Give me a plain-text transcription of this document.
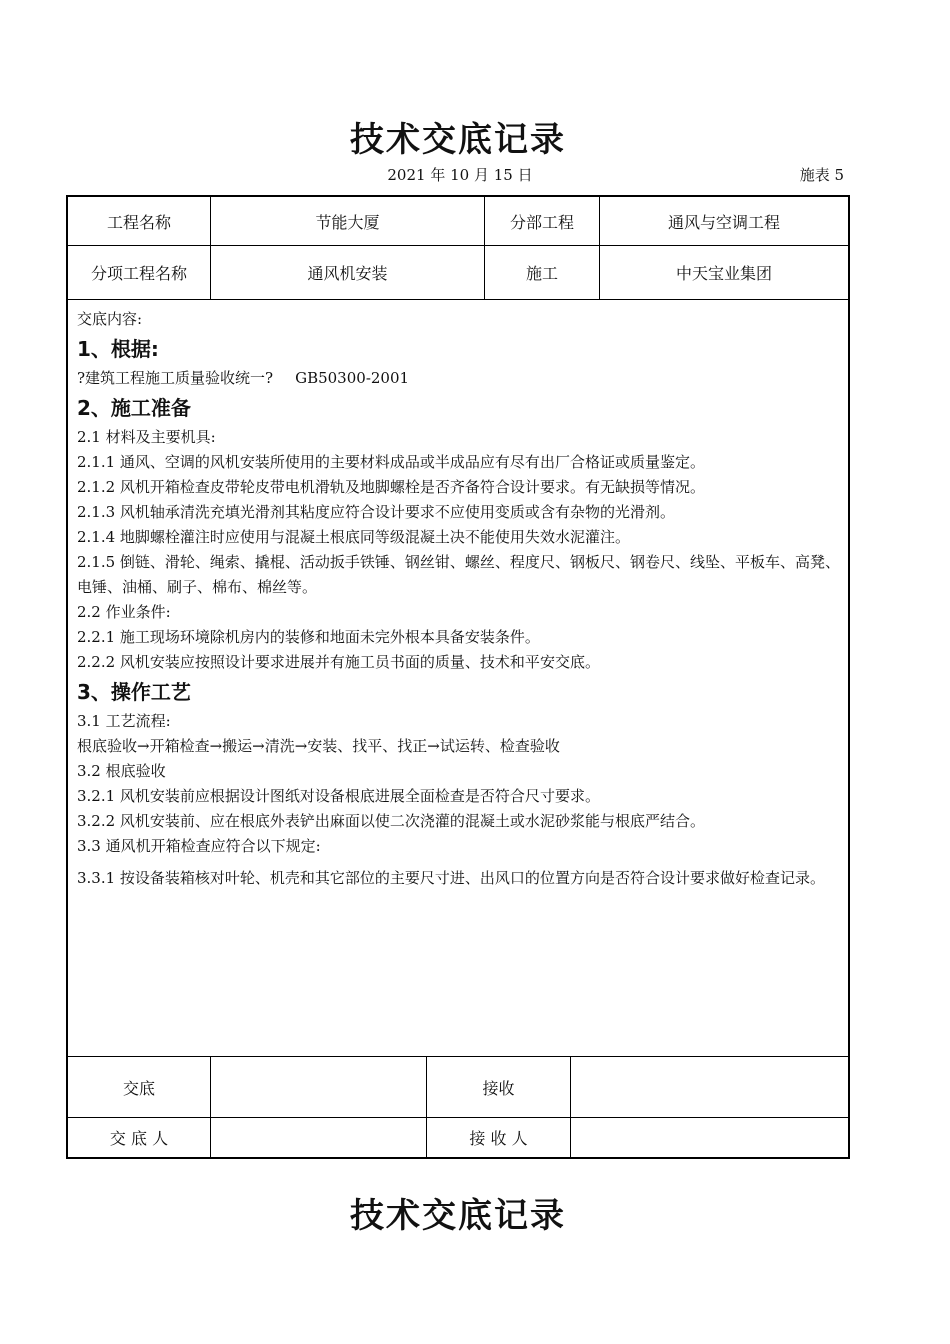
技术交底记录
2021 年 10 月 15 日	施表 5
工程名称	节能大厦	分部工程	通风与空调工程
分项工程名称	通风机安装	施工	中天宝业集团

交底内容:

1、根据:

?建筑工程施工质量验收统一? GB50300-2001

2、施工准备

2.1 材料及主要机具:

2.1.1 通风、空调的风机安装所使用的主要材料成品或半成品应有尽有出厂合格证或质量鉴定。

2.1.2 风机开箱检查皮带轮皮带电机滑轨及地脚螺栓是否齐备符合设计要求。有无缺损等情况。

2.1.3 风机轴承清洗充填光滑剂其粘度应符合设计要求不应使用变质或含有杂物的光滑剂。

2.1.4 地脚螺栓灌注时应使用与混凝土根底同等级混凝土决不能使用失效水泥灌注。

2.1.5 倒链、滑轮、绳索、撬棍、活动扳手铁锤、钢丝钳、螺丝、程度尺、钢板尺、钢卷尺、线坠、平板车、高凳、电锤、油桶、刷子、棉布、棉丝等。

2.2 作业条件:

2.2.1 施工现场环境除机房内的装修和地面未完外根本具备安装条件。

2.2.2 风机安装应按照设计要求进展并有施工员书面的质量、技术和平安交底。

3、操作工艺

3.1 工艺流程:

根底验收→开箱检查→搬运→清洗→安装、找平、找正→试运转、检查验收

3.2 根底验收

3.2.1 风机安装前应根据设计图纸对设备根底进展全面检查是否符合尺寸要求。

3.2.2 风机安装前、应在根底外表铲出麻面以使二次浇灌的混凝土或水泥砂浆能与根底严结合。

3.3 通风机开箱检查应符合以下规定:

3.3.1 按设备装箱核对叶轮、机壳和其它部位的主要尺寸进、出风口的位置方向是否符合设计要求做好检查记录。

交底	接收
交 底 人	接 收 人
技术交底记录
